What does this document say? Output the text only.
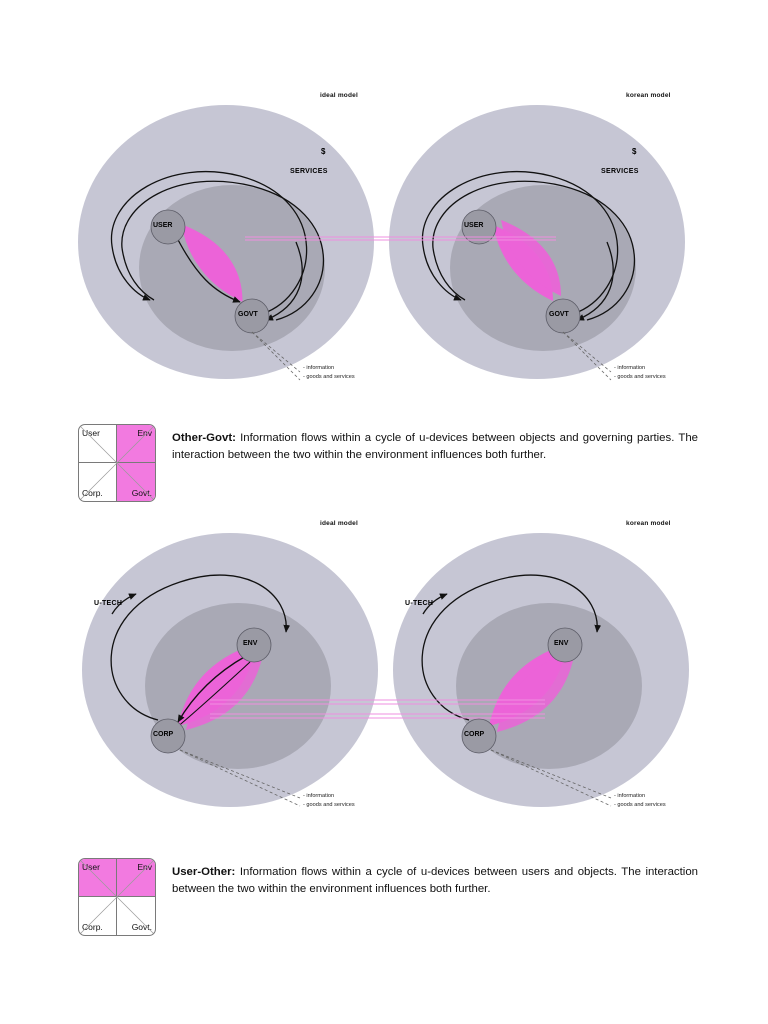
ideal model	korean model
USER
GOVT
USER
GOVT
$
SERVICES
$
SERVICES
- information
- goods and services
- information
- goods and services
User	Env
Corp.	Govt.
Other-Govt: Information flows within a cycle of u-devices between objects and governing parties. The interaction between the two within the environment influences both further.
ideal model	korean model
ENV
CORP
ENV
CORP
U-TECH	U-TECH
- information
- goods and services
- information
- goods and services
User	Env
Corp.	Govt.
User-Other: Information flows within a cycle of u-devices between users and objects. The interaction between the two within the environment influences both further.
